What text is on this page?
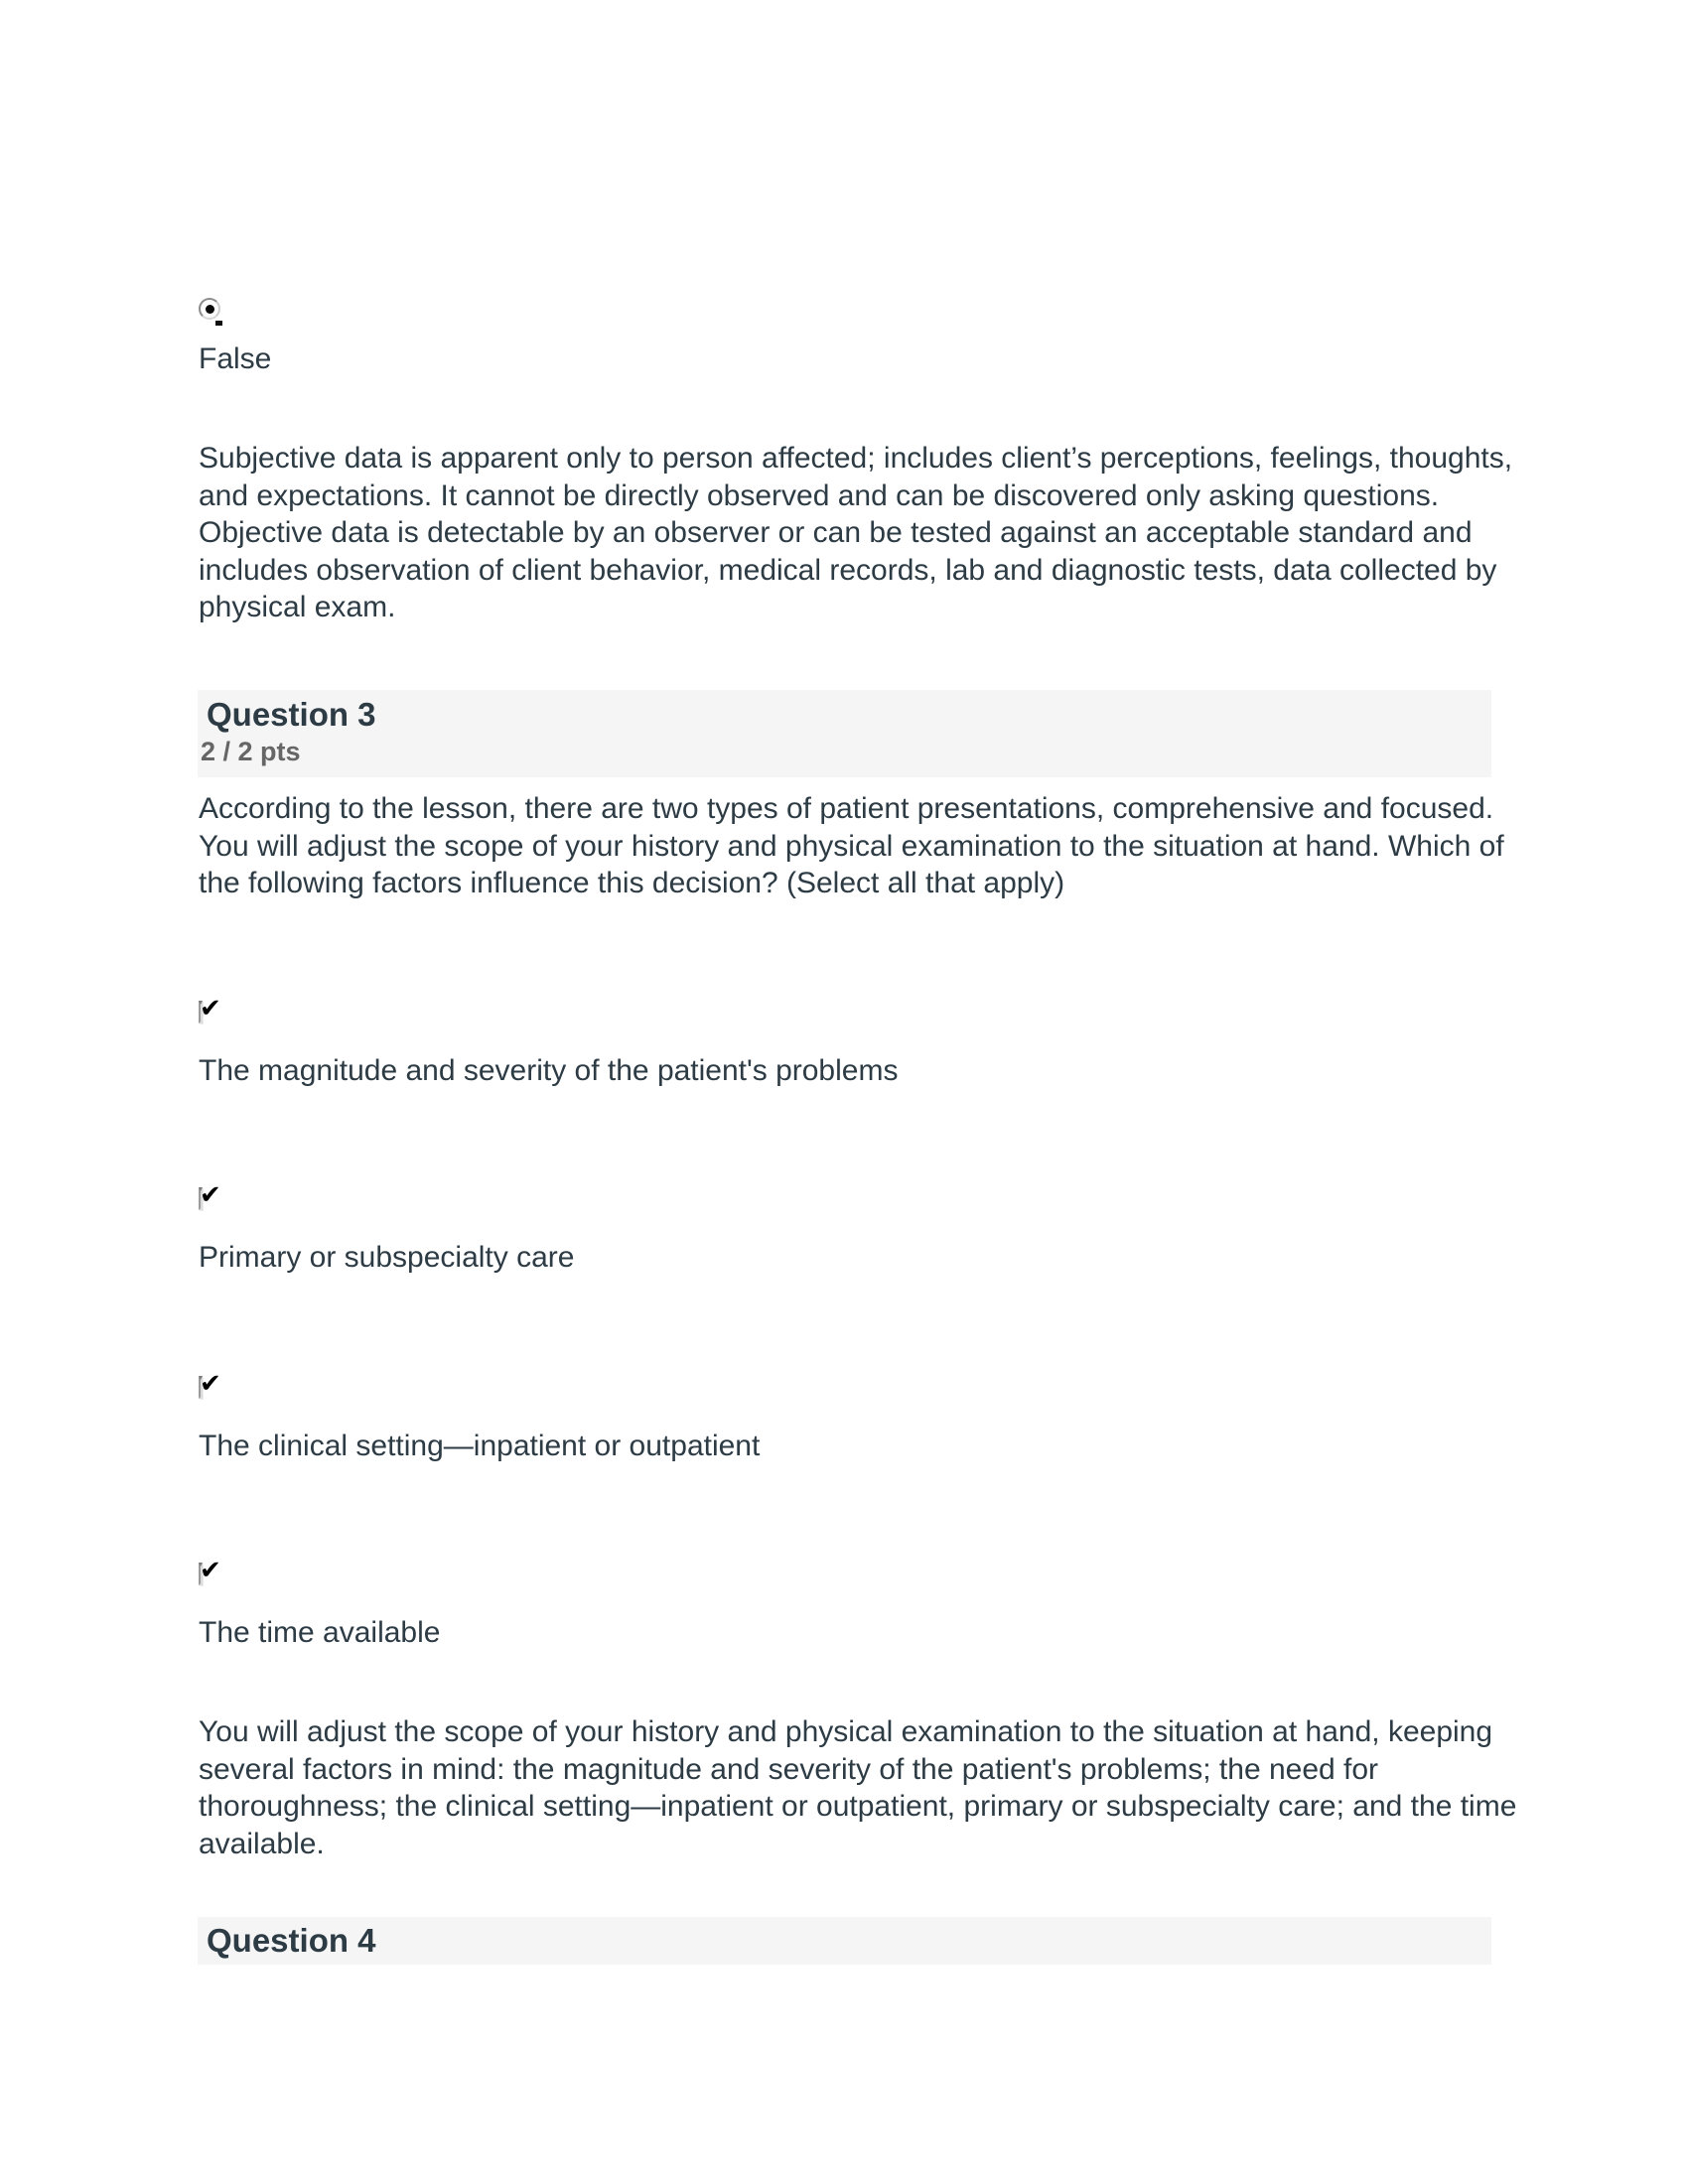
False

Subjective data is apparent only to person affected; includes client’s perceptions, feelings, thoughts, and expectations. It cannot be directly observed and can be discovered only asking questions. Objective data is detectable by an observer or can be tested against an acceptable standard and includes observation of client behavior, medical records, lab and diagnostic tests, data collected by physical exam.

Question 3
2 / 2 pts

According to the lesson, there are two types of patient presentations, comprehensive and focused. You will adjust the scope of your history and physical examination to the situation at hand. Which of the following factors influence this decision? (Select all that apply)

✔
The magnitude and severity of the patient's problems
✔
Primary or subspecialty care
✔
The clinical setting—inpatient or outpatient
✔
The time available

You will adjust the scope of your history and physical examination to the situation at hand, keeping several factors in mind: the magnitude and severity of the patient's problems; the need for thoroughness; the clinical setting—inpatient or outpatient, primary or subspecialty care; and the time available.

Question 4
